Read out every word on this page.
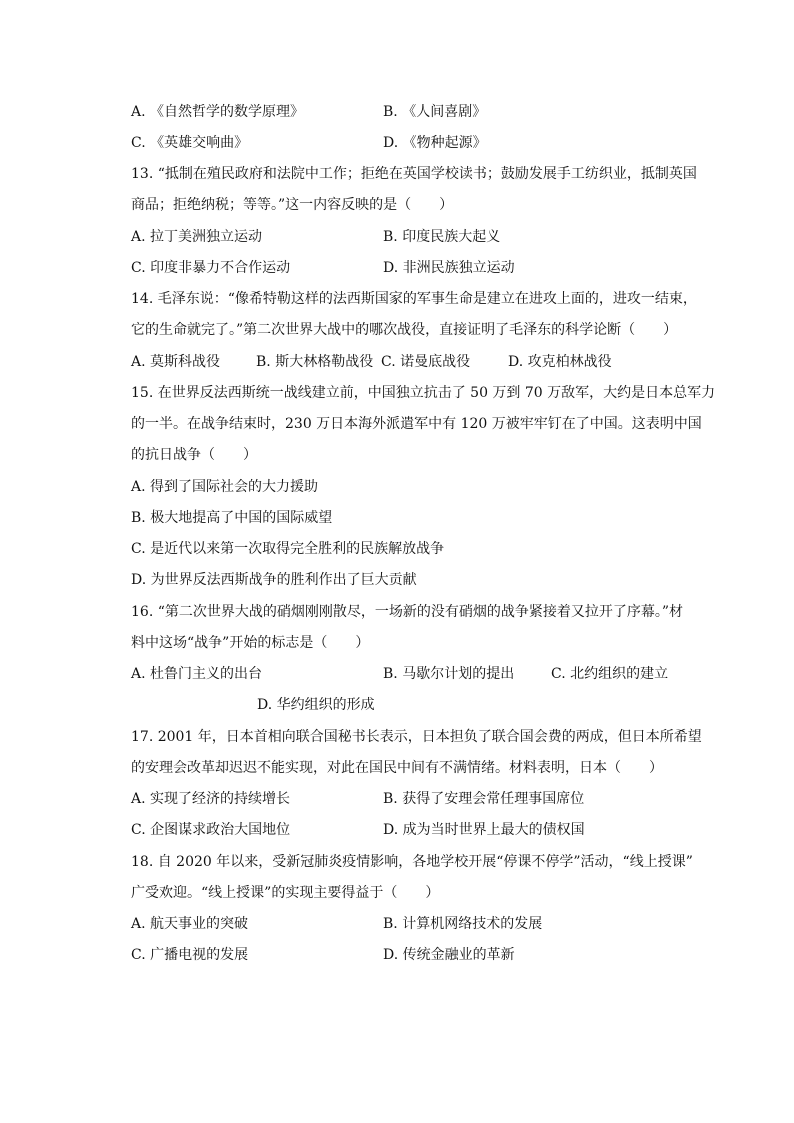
A. 《自然哲学的数学原理》	B. 《人间喜剧》
C. 《英雄交响曲》	D. 《物种起源》
13. “抵制在殖民政府和法院中工作；拒绝在英国学校读书；鼓励发展手工纺织业，抵制英国
商品；拒绝纳税；等等。”这一内容反映的是（　　）
A. 拉丁美洲独立运动	B. 印度民族大起义
C. 印度非暴力不合作运动	D. 非洲民族独立运动
14. 毛泽东说：“像希特勒这样的法西斯国家的军事生命是建立在进攻上面的，进攻一结束，
它的生命就完了。”第二次世界大战中的哪次战役，直接证明了毛泽东的科学论断（　　）
A. 莫斯科战役	B. 斯大林格勒战役 C. 诺曼底战役	D. 攻克柏林战役
15. 在世界反法西斯统一战线建立前，中国独立抗击了 50 万到 70 万敌军，大约是日本总军力
的一半。在战争结束时，230 万日本海外派遣军中有 120 万被牢牢钉在了中国。这表明中国
的抗日战争（　　）
A. 得到了国际社会的大力援助
B. 极大地提高了中国的国际威望
C. 是近代以来第一次取得完全胜利的民族解放战争
D. 为世界反法西斯战争的胜利作出了巨大贡献
16. “第二次世界大战的硝烟刚刚散尽，一场新的没有硝烟的战争紧接着又拉开了序幕。”材
料中这场“战争”开始的标志是（　　）
A. 杜鲁门主义的出台	B. 马歇尔计划的提出	C. 北约组织的建立
D. 华约组织的形成
17. 2001 年，日本首相向联合国秘书长表示，日本担负了联合国会费的两成，但日本所希望
的安理会改革却迟迟不能实现，对此在国民中间有不满情绪。材料表明，日本（　　）
A. 实现了经济的持续增长	B. 获得了安理会常任理事国席位
C. 企图谋求政治大国地位	D. 成为当时世界上最大的债权国
18. 自 2020 年以来，受新冠肺炎疫情影响，各地学校开展“停课不停学”活动，“线上授课”
广受欢迎。“线上授课”的实现主要得益于（　　）
A. 航天事业的突破	B. 计算机网络技术的发展
C. 广播电视的发展	D. 传统金融业的革新
